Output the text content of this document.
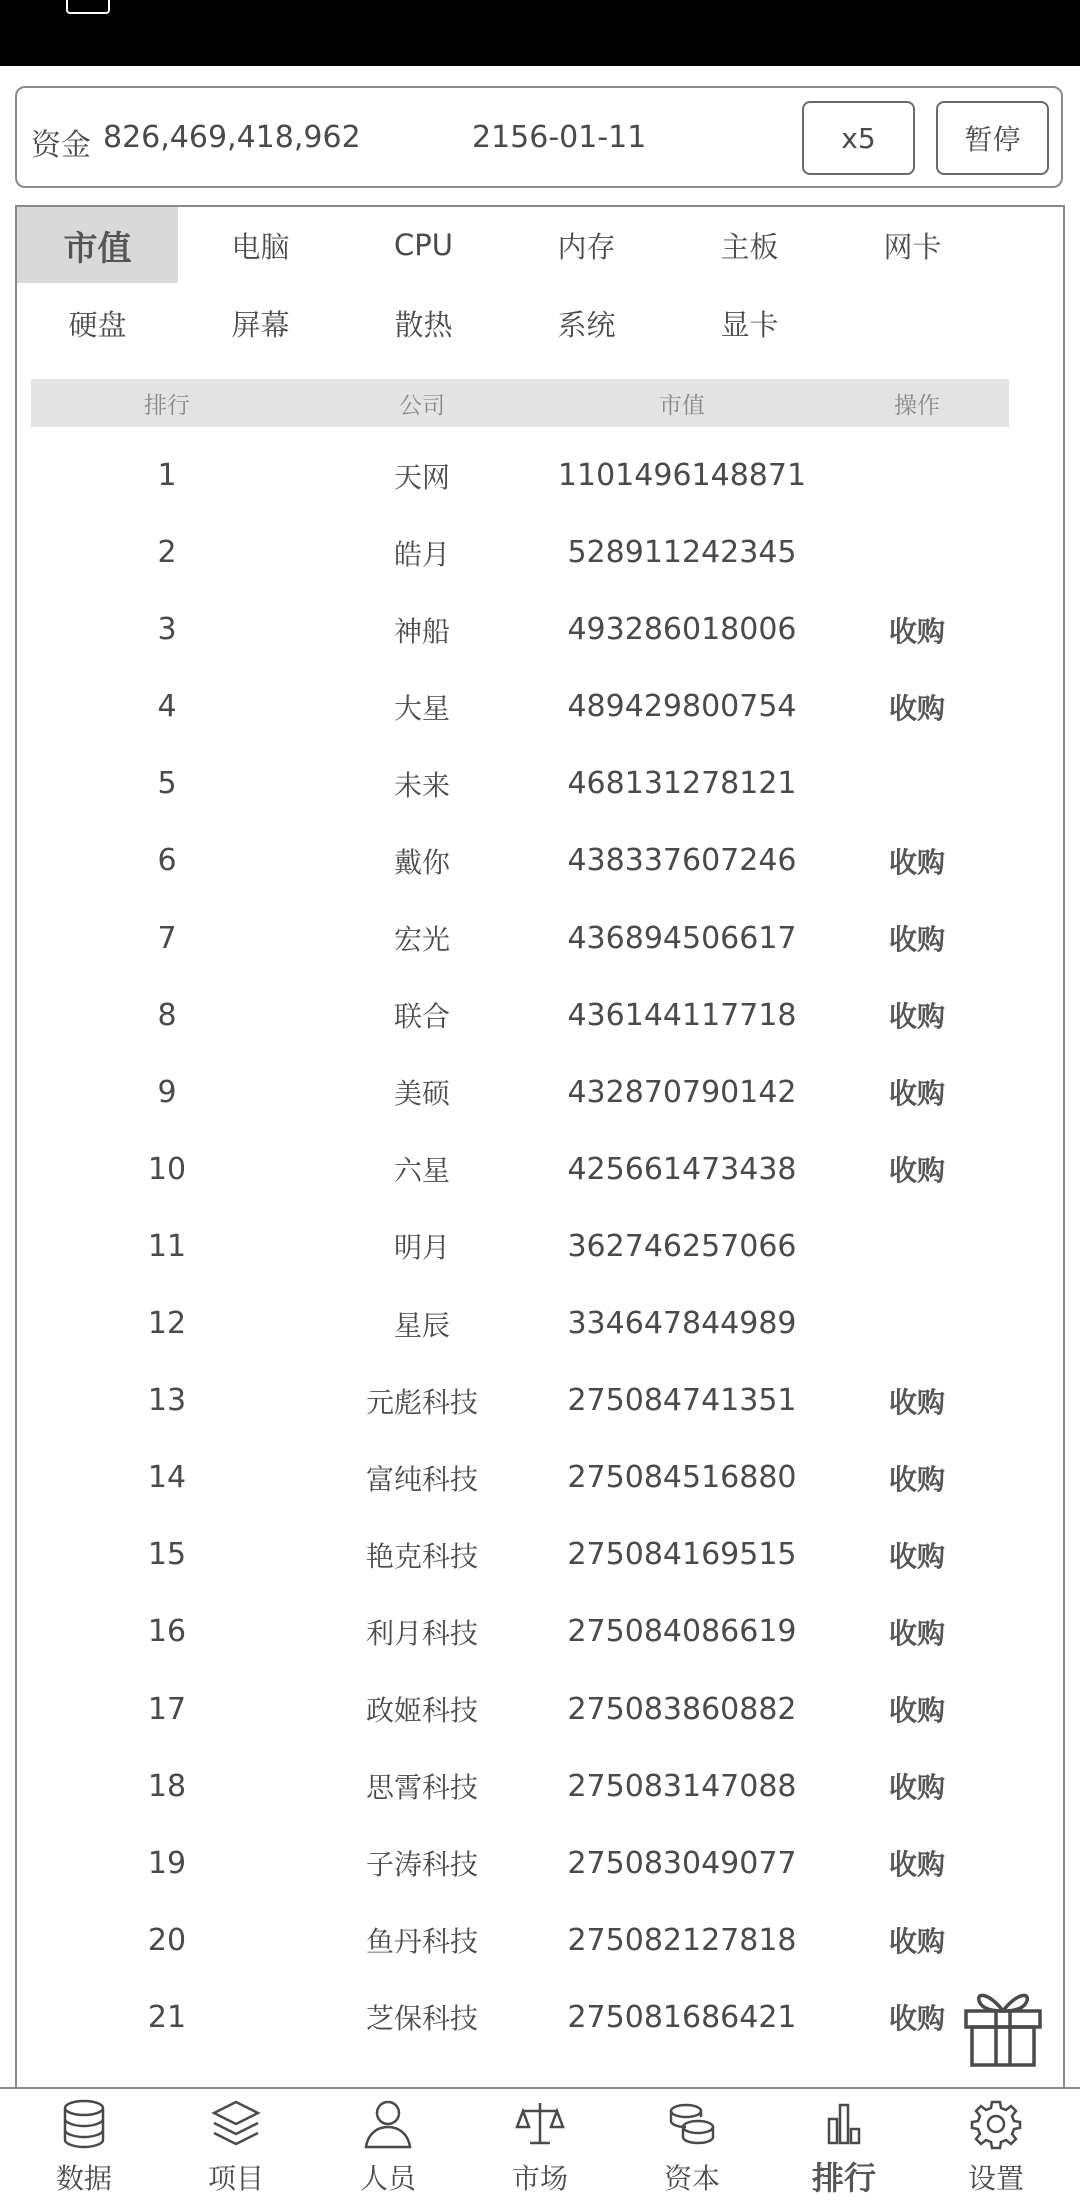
资金 826,469,418,962	2156-01-11	x5	暂停
市值	电脑	CPU	内存	主板	网卡
硬盘	屏幕	散热	系统	显卡
排行	公司	市值	操作
1	天网	1101496148871
2	皓月	528911242345
3	神船	493286018006	收购
4	大星	489429800754	收购
5	未来	468131278121
6	戴你	438337607246	收购
7	宏光	436894506617	收购
8	联合	436144117718	收购
9	美硕	432870790142	收购
10	六星	425661473438	收购
11	明月	362746257066
12	星辰	334647844989
13	元彪科技	275084741351	收购
14	富纯科技	275084516880	收购
15	艳克科技	275084169515	收购
16	利月科技	275084086619	收购
17	政姬科技	275083860882	收购
18	思霄科技	275083147088	收购
19	子涛科技	275083049077	收购
20	鱼丹科技	275082127818	收购
21	芝保科技	275081686421	收购
数据	项目	人员	市场	资本	排行	设置
